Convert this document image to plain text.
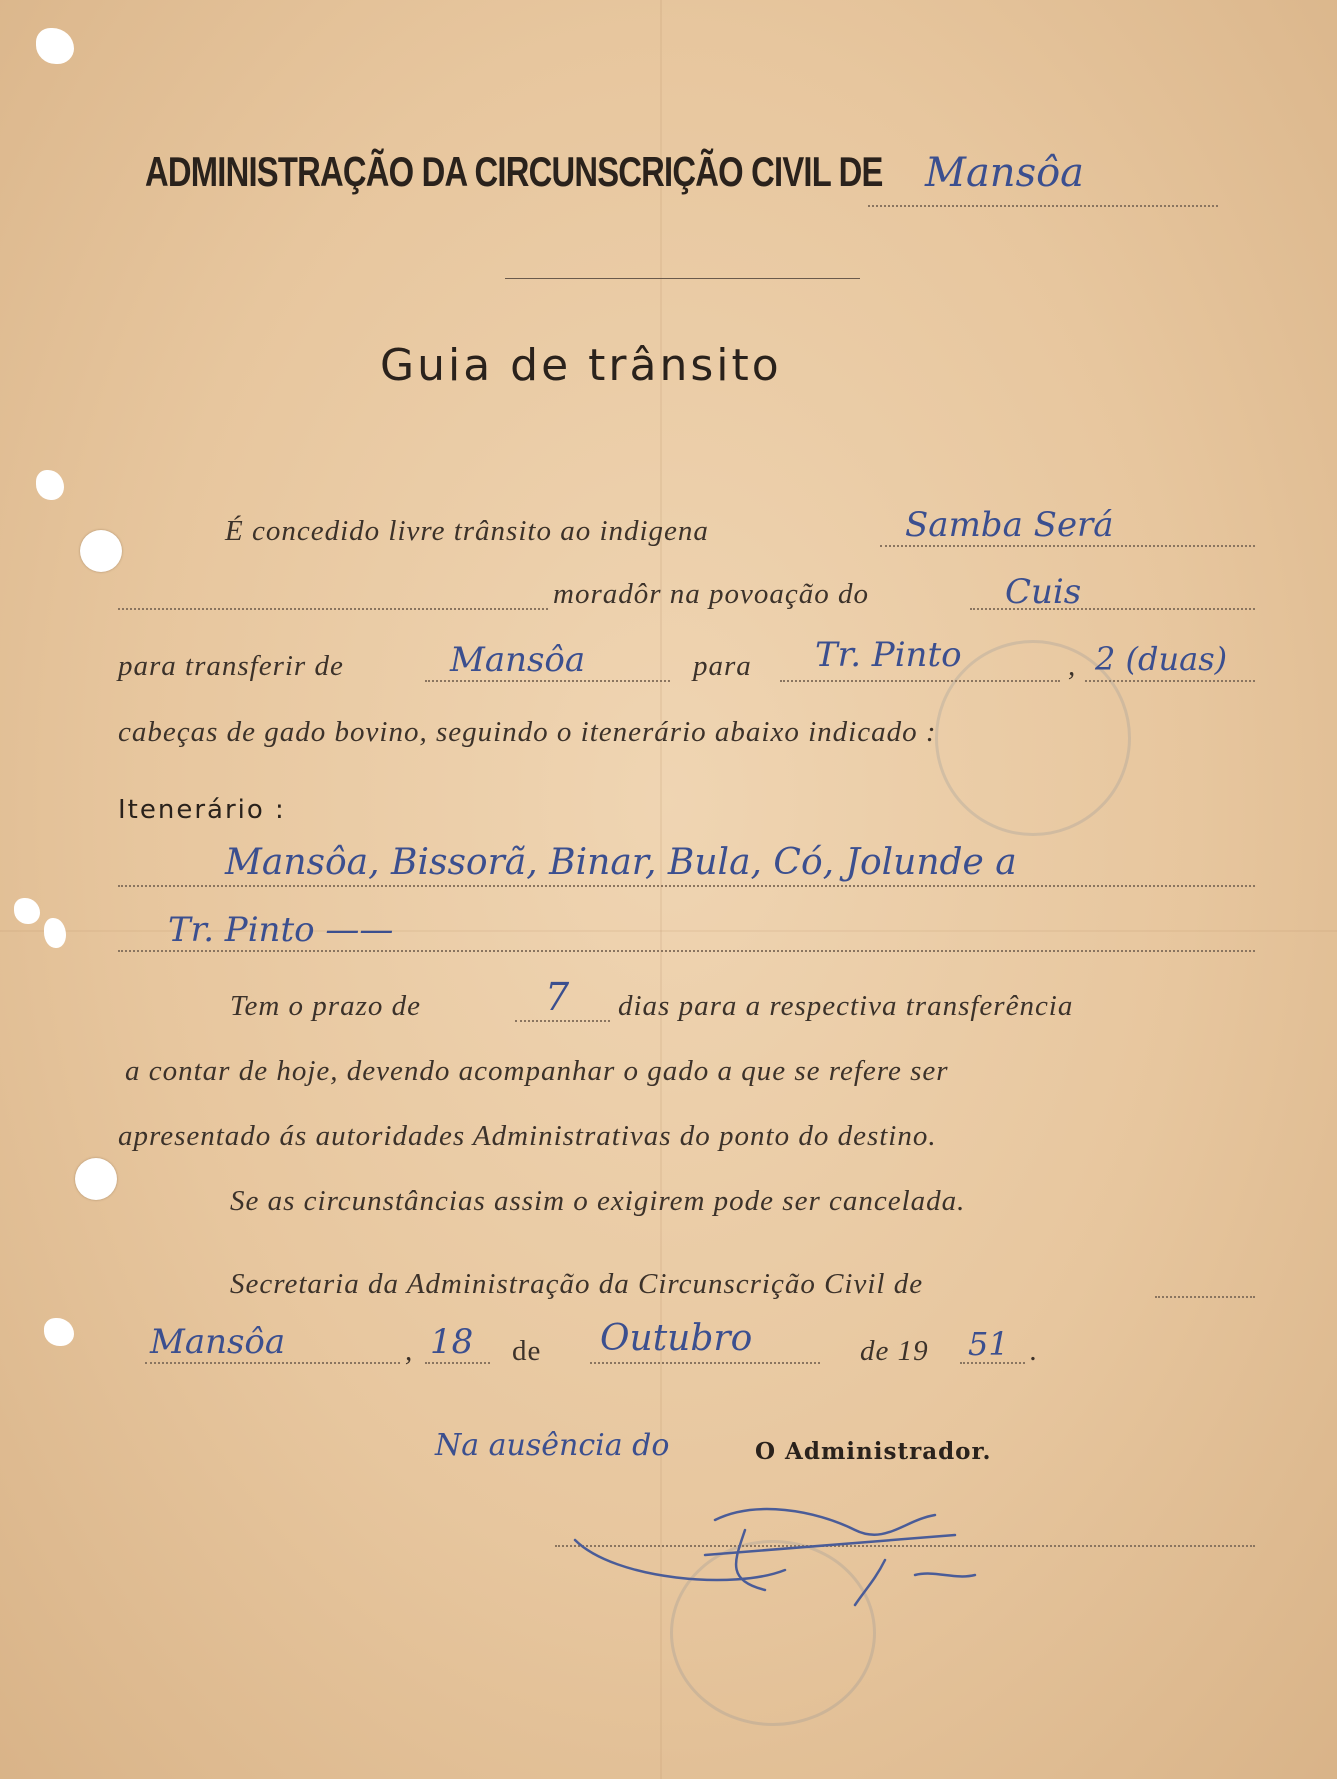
ADMINISTRAÇÃO DA CIRCUNSCRIÇÃO CIVIL DE Mansôa
Guia de trânsito
É concedido livre trânsito ao indigena	Samba Será
moradôr na povoação do	Cuis
para transferir de	Mansôa	para Tr. Pinto	, 2 (duas)
cabeças de gado bovino, seguindo o itenerário abaixo indicado :
Itenerário :
Mansôa, Bissorã, Binar, Bula, Có, Jolunde a
Tr. Pinto ——
Tem o prazo de	7 dias para a respectiva transferência
a contar de hoje, devendo acompanhar o gado a que se refere ser
apresentado ás autoridades Administrativas do ponto do destino.
Se as circunstâncias assim o exigirem pode ser cancelada.
Secretaria da Administração da Circunscrição Civil de
Mansôa	, 18 de Outubro	de 19 51 .
Na ausência do	O Administrador.
